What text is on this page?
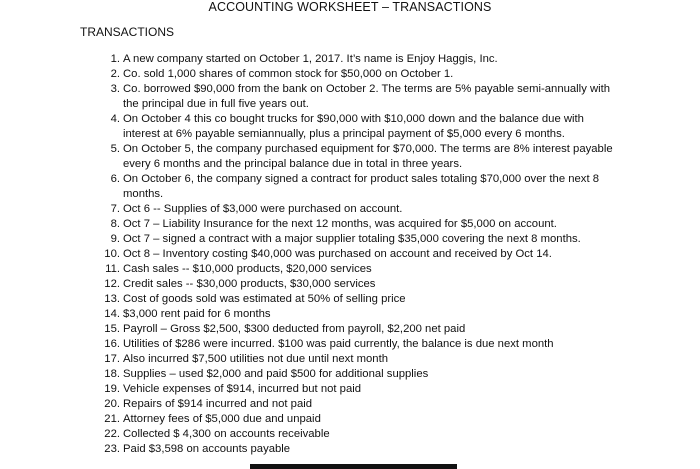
ACCOUNTING WORKSHEET – TRANSACTIONS
TRANSACTIONS
1. A new company started on October 1, 2017. It’s name is Enjoy Haggis, Inc.
2. Co. sold 1,000 shares of common stock for $50,000 on October 1.
3. Co. borrowed $90,000 from the bank on October 2. The terms are 5% payable semi-annually with the principal due in full five years out.
4. On October 4 this co bought trucks for $90,000 with $10,000 down and the balance due with interest at 6% payable semiannually, plus a principal payment of $5,000 every 6 months.
5. On October 5, the company purchased equipment for $70,000. The terms are 8% interest payable every 6 months and the principal balance due in total in three years.
6. On October 6, the company signed a contract for product sales totaling $70,000 over the next 8 months.
7. Oct 6 -- Supplies of $3,000 were purchased on account.
8. Oct 7 – Liability Insurance for the next 12 months, was acquired for $5,000 on account.
9. Oct 7 – signed a contract with a major supplier totaling $35,000 covering the next 8 months.
10. Oct 8 – Inventory costing $40,000 was purchased on account and received by Oct 14.
11. Cash sales -- $10,000 products, $20,000 services
12. Credit sales -- $30,000 products, $30,000 services
13. Cost of goods sold was estimated at 50% of selling price
14. $3,000 rent paid for 6 months
15. Payroll – Gross $2,500, $300 deducted from payroll, $2,200 net paid
16. Utilities of $286 were incurred. $100 was paid currently, the balance is due next month
17. Also incurred $7,500 utilities not due until next month
18. Supplies – used $2,000 and paid $500 for additional supplies
19. Vehicle expenses of $914, incurred but not paid
20. Repairs of $914 incurred and not paid
21. Attorney fees of $5,000 due and unpaid
22. Collected $ 4,300 on accounts receivable
23. Paid $3,598 on accounts payable
